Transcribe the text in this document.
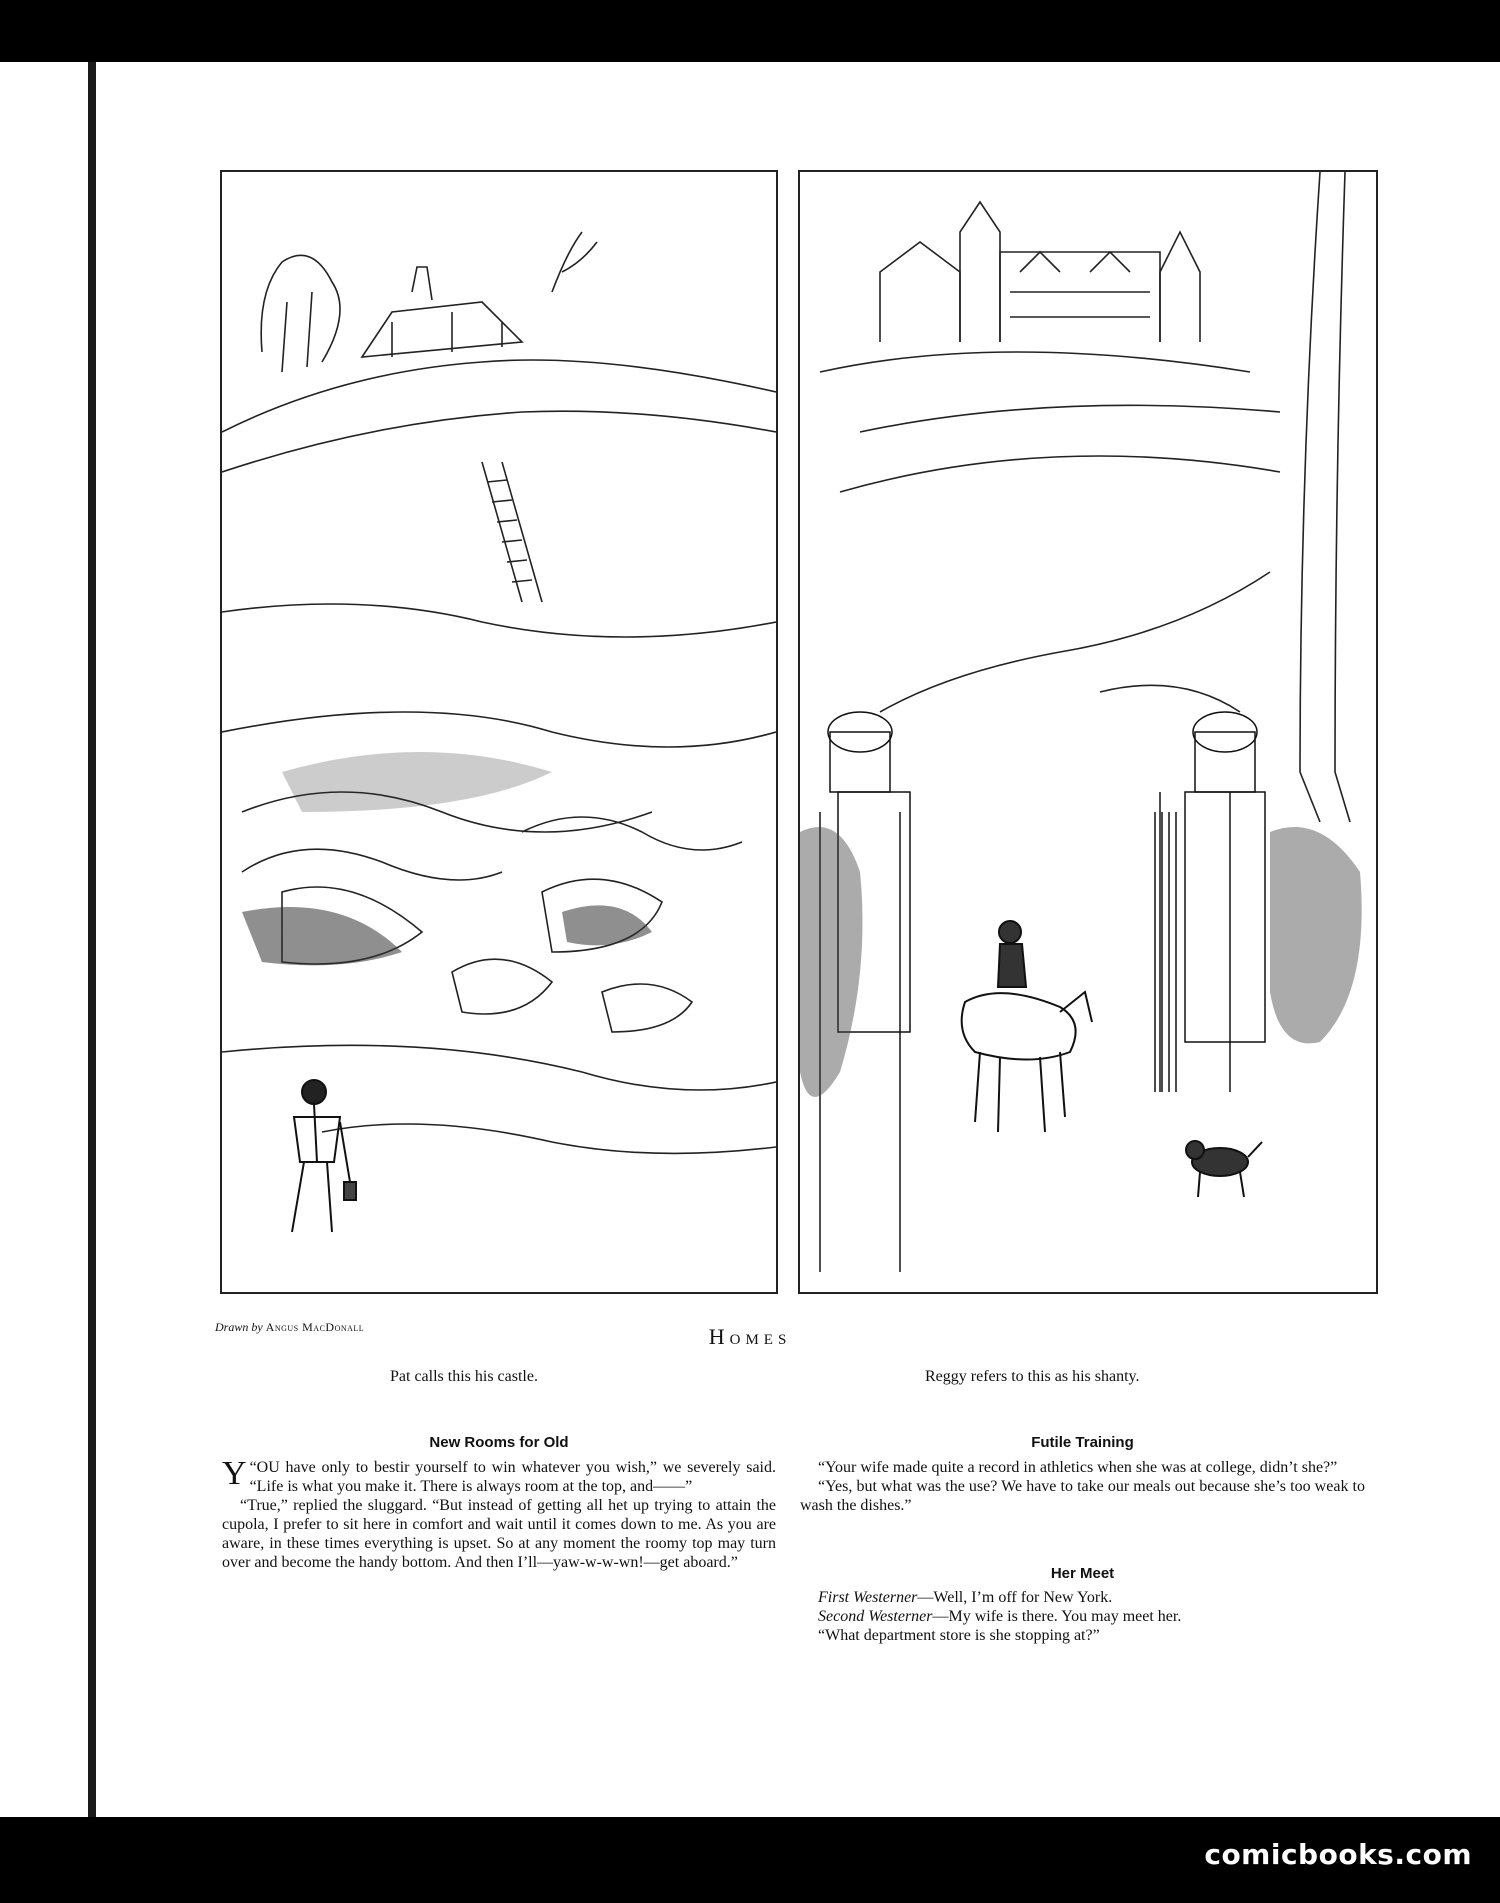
Drawn by Angus MacDonall	Homes
Pat calls this his castle.	Reggy refers to this as his shanty.
New Rooms for Old

“
Y OU have only to bestir yourself to win whatever you wish,” we severely said. “Life is what you make it. There is always room at the top, and——”

“True,” replied the sluggard. “But instead of getting all het up trying to attain the cupola, I prefer to sit here in comfort and wait until it comes down to me. As you are aware, in these times everything is upset. So at any moment the roomy top may turn over and become the handy bottom. And then I’ll—yaw-w-w-wn!—get aboard.”

Futile Training

“Your wife made quite a record in athletics when she was at college, didn’t she?”

“Yes, but what was the use? We have to take our meals out because she’s too weak to wash the dishes.”

Her Meet

First Westerner—Well, I’m off for New York.

Second Westerner—My wife is there. You may meet her.

“What department store is she stopping at?”

comicbooks.com
